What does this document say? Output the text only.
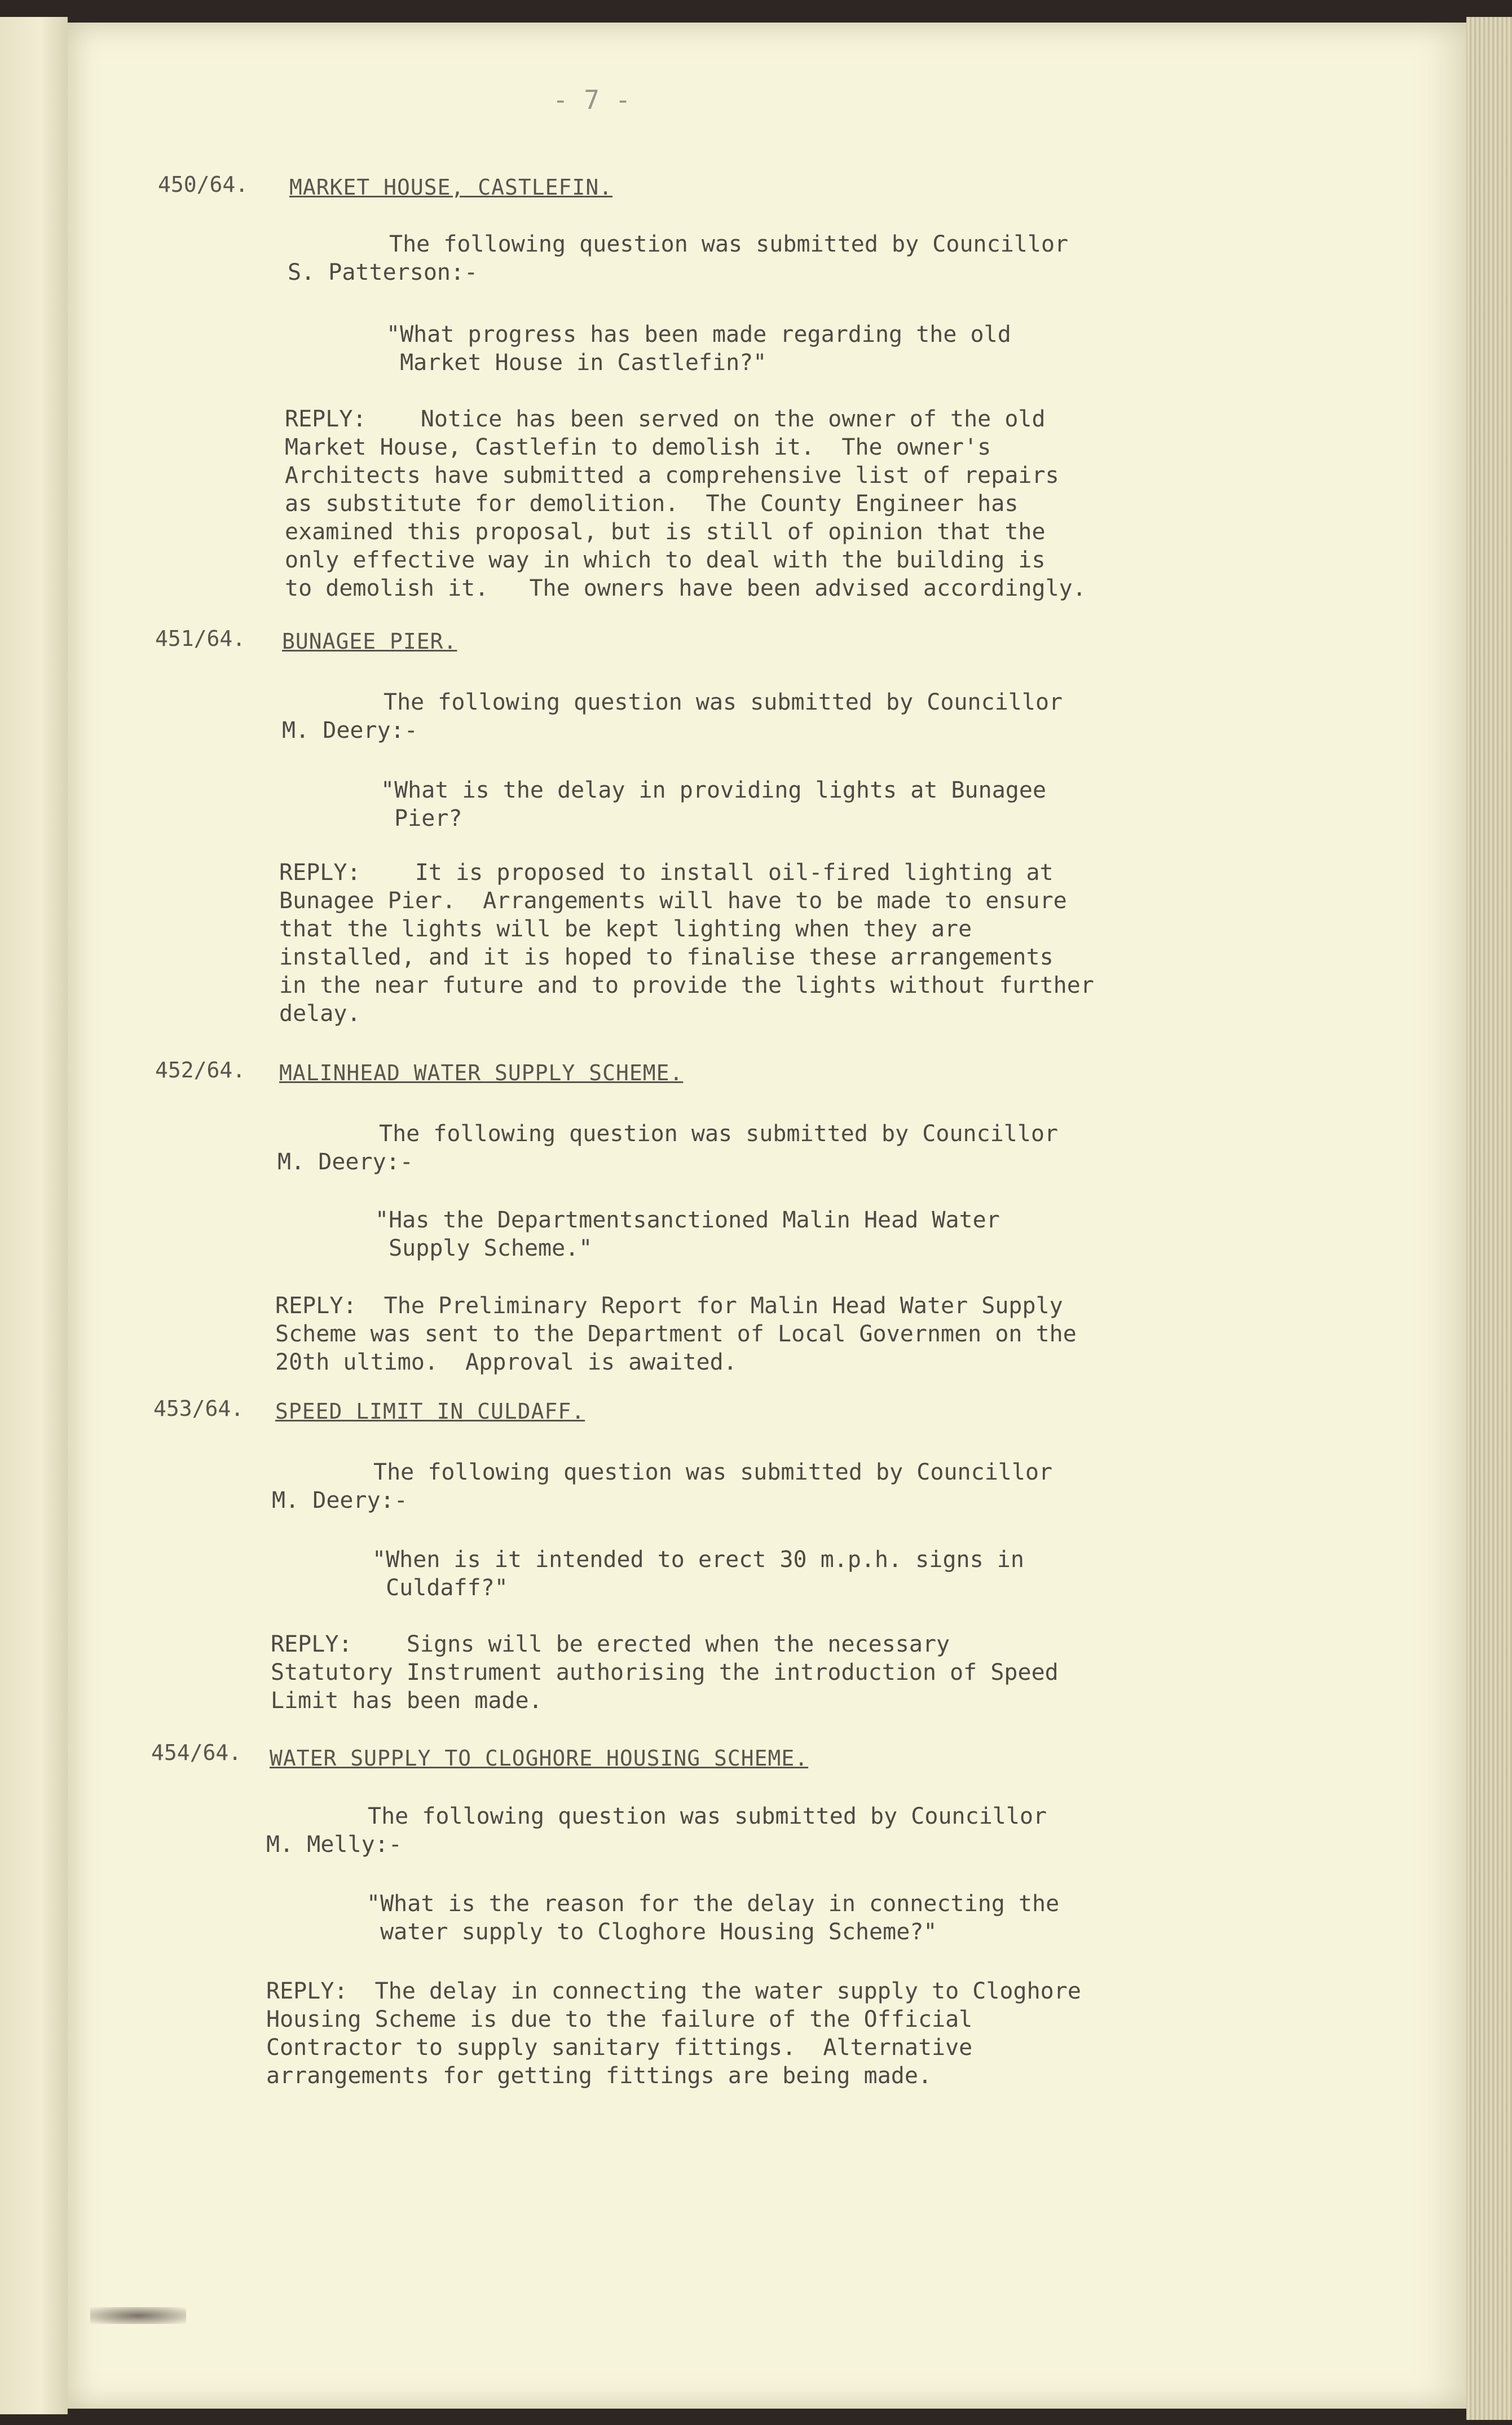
- 7 -
450/64. MARKET HOUSE, CASTLEFIN.
The following question was submitted by Councillor
S. Patterson:-
"What progress has been made regarding the old
Market House in Castlefin?"
REPLY:    Notice has been served on the owner of the old
Market House, Castlefin to demolish it.  The owner's
Architects have submitted a comprehensive list of repairs
as substitute for demolition.  The County Engineer has
examined this proposal, but is still of opinion that the
only effective way in which to deal with the building is
to demolish it.   The owners have been advised accordingly.
451/64. BUNAGEE PIER.
The following question was submitted by Councillor
M. Deery:-
"What is the delay in providing lights at Bunagee
Pier?
REPLY:    It is proposed to install oil-fired lighting at
Bunagee Pier.  Arrangements will have to be made to ensure
that the lights will be kept lighting when they are
installed, and it is hoped to finalise these arrangements
in the near future and to provide the lights without further
delay.
452/64. MALINHEAD WATER SUPPLY SCHEME.
The following question was submitted by Councillor
M. Deery:-
"Has the Departmentsanctioned Malin Head Water
Supply Scheme."
REPLY:  The Preliminary Report for Malin Head Water Supply
Scheme was sent to the Department of Local Governmen on the
20th ultimo.  Approval is awaited.
453/64. SPEED LIMIT IN CULDAFF.
The following question was submitted by Councillor
M. Deery:-
"When is it intended to erect 30 m.p.h. signs in
Culdaff?"
REPLY:    Signs will be erected when the necessary
Statutory Instrument authorising the introduction of Speed
Limit has been made.
454/64. WATER SUPPLY TO CLOGHORE HOUSING SCHEME.
The following question was submitted by Councillor
M. Melly:-
"What is the reason for the delay in connecting the
water supply to Cloghore Housing Scheme?"
REPLY:  The delay in connecting the water supply to Cloghore
Housing Scheme is due to the failure of the Official
Contractor to supply sanitary fittings.  Alternative
arrangements for getting fittings are being made.
